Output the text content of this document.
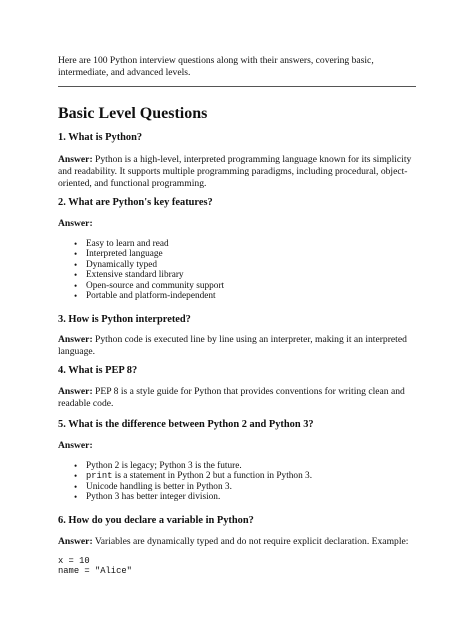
Here are 100 Python interview questions along with their answers, covering basic, intermediate, and advanced levels.
Basic Level Questions
1. What is Python?

Answer: Python is a high-level, interpreted programming language known for its simplicity and readability. It supports multiple programming paradigms, including procedural, object-oriented, and functional programming.

2. What are Python's key features?

Answer:

• Easy to learn and read
• Interpreted language
• Dynamically typed
• Extensive standard library
• Open-source and community support
• Portable and platform-independent
3. How is Python interpreted?

Answer: Python code is executed line by line using an interpreter, making it an interpreted language.

4. What is PEP 8?

Answer: PEP 8 is a style guide for Python that provides conventions for writing clean and readable code.

5. What is the difference between Python 2 and Python 3?

Answer:

• Python 2 is legacy; Python 3 is the future.
• print is a statement in Python 2 but a function in Python 3.
• Unicode handling is better in Python 3.
• Python 3 has better integer division.
6. How do you declare a variable in Python?

Answer: Variables are dynamically typed and do not require explicit declaration. Example:

x = 10
name = "Alice"
